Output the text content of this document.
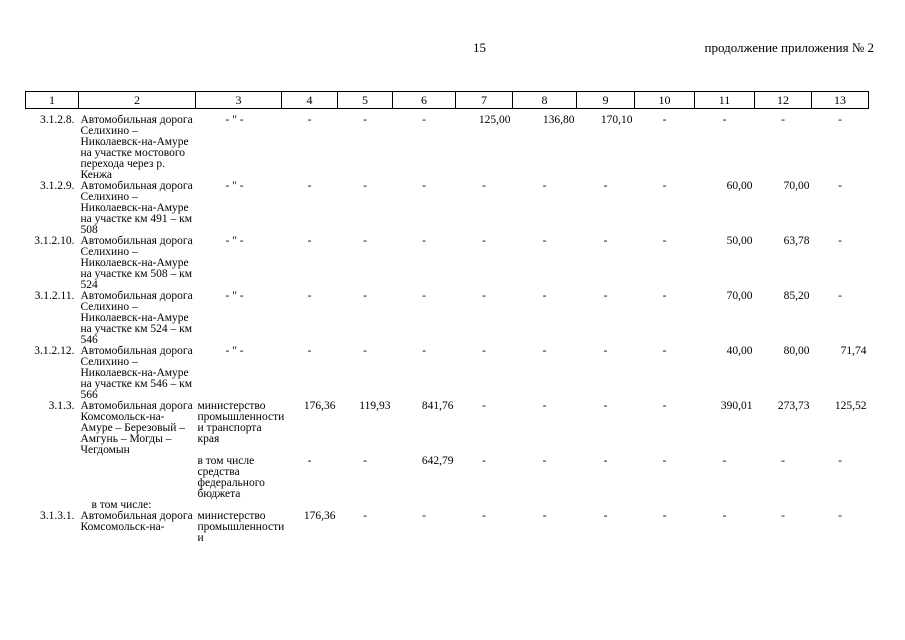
15	продолжение приложения № 2
1	2	3	4	5	6	7	8	9	10	11	12	13
3.1.2.8.	Автомобильная дорога Селихино – Николаевск-на-Амуре на участке мостового перехода через р. Кенжа	- " -	-	-	-	125,00	136,80	170,10	-	-	-	-
3.1.2.9.	Автомобильная дорога Селихино – Николаевск-на-Амуре на участке км 491 – км 508	- " -	-	-	-	-	-	-	-	60,00	70,00	-
3.1.2.10.	Автомобильная дорога Селихино – Николаевск-на-Амуре на участке км 508 – км 524	- " -	-	-	-	-	-	-	-	50,00	63,78	-
3.1.2.11.	Автомобильная дорога Селихино – Николаевск-на-Амуре на участке км 524 – км 546	- " -	-	-	-	-	-	-	-	70,00	85,20	-
3.1.2.12.	Автомобильная дорога Селихино – Николаевск-на-Амуре на участке км 546 – км 566	- " -	-	-	-	-	-	-	-	40,00	80,00	71,74
3.1.3.	Автомобильная дорога Комсомольск-на-Амуре – Березовый – Амгунь – Могды – Чегдомын	министерство промышленности и транспорта края	176,36	119,93	841,76	-	-	-	-	390,01	273,73	125,52
		в том числе средства федерального бюджета	-	-	642,79	-	-	-	-	-	-	-

в том числе:												

3.1.3.1.	Автомобильная дорога Комсомольск-на-	министерство промышленности и	176,36	-	-	-	-	-	-	-	-	-
